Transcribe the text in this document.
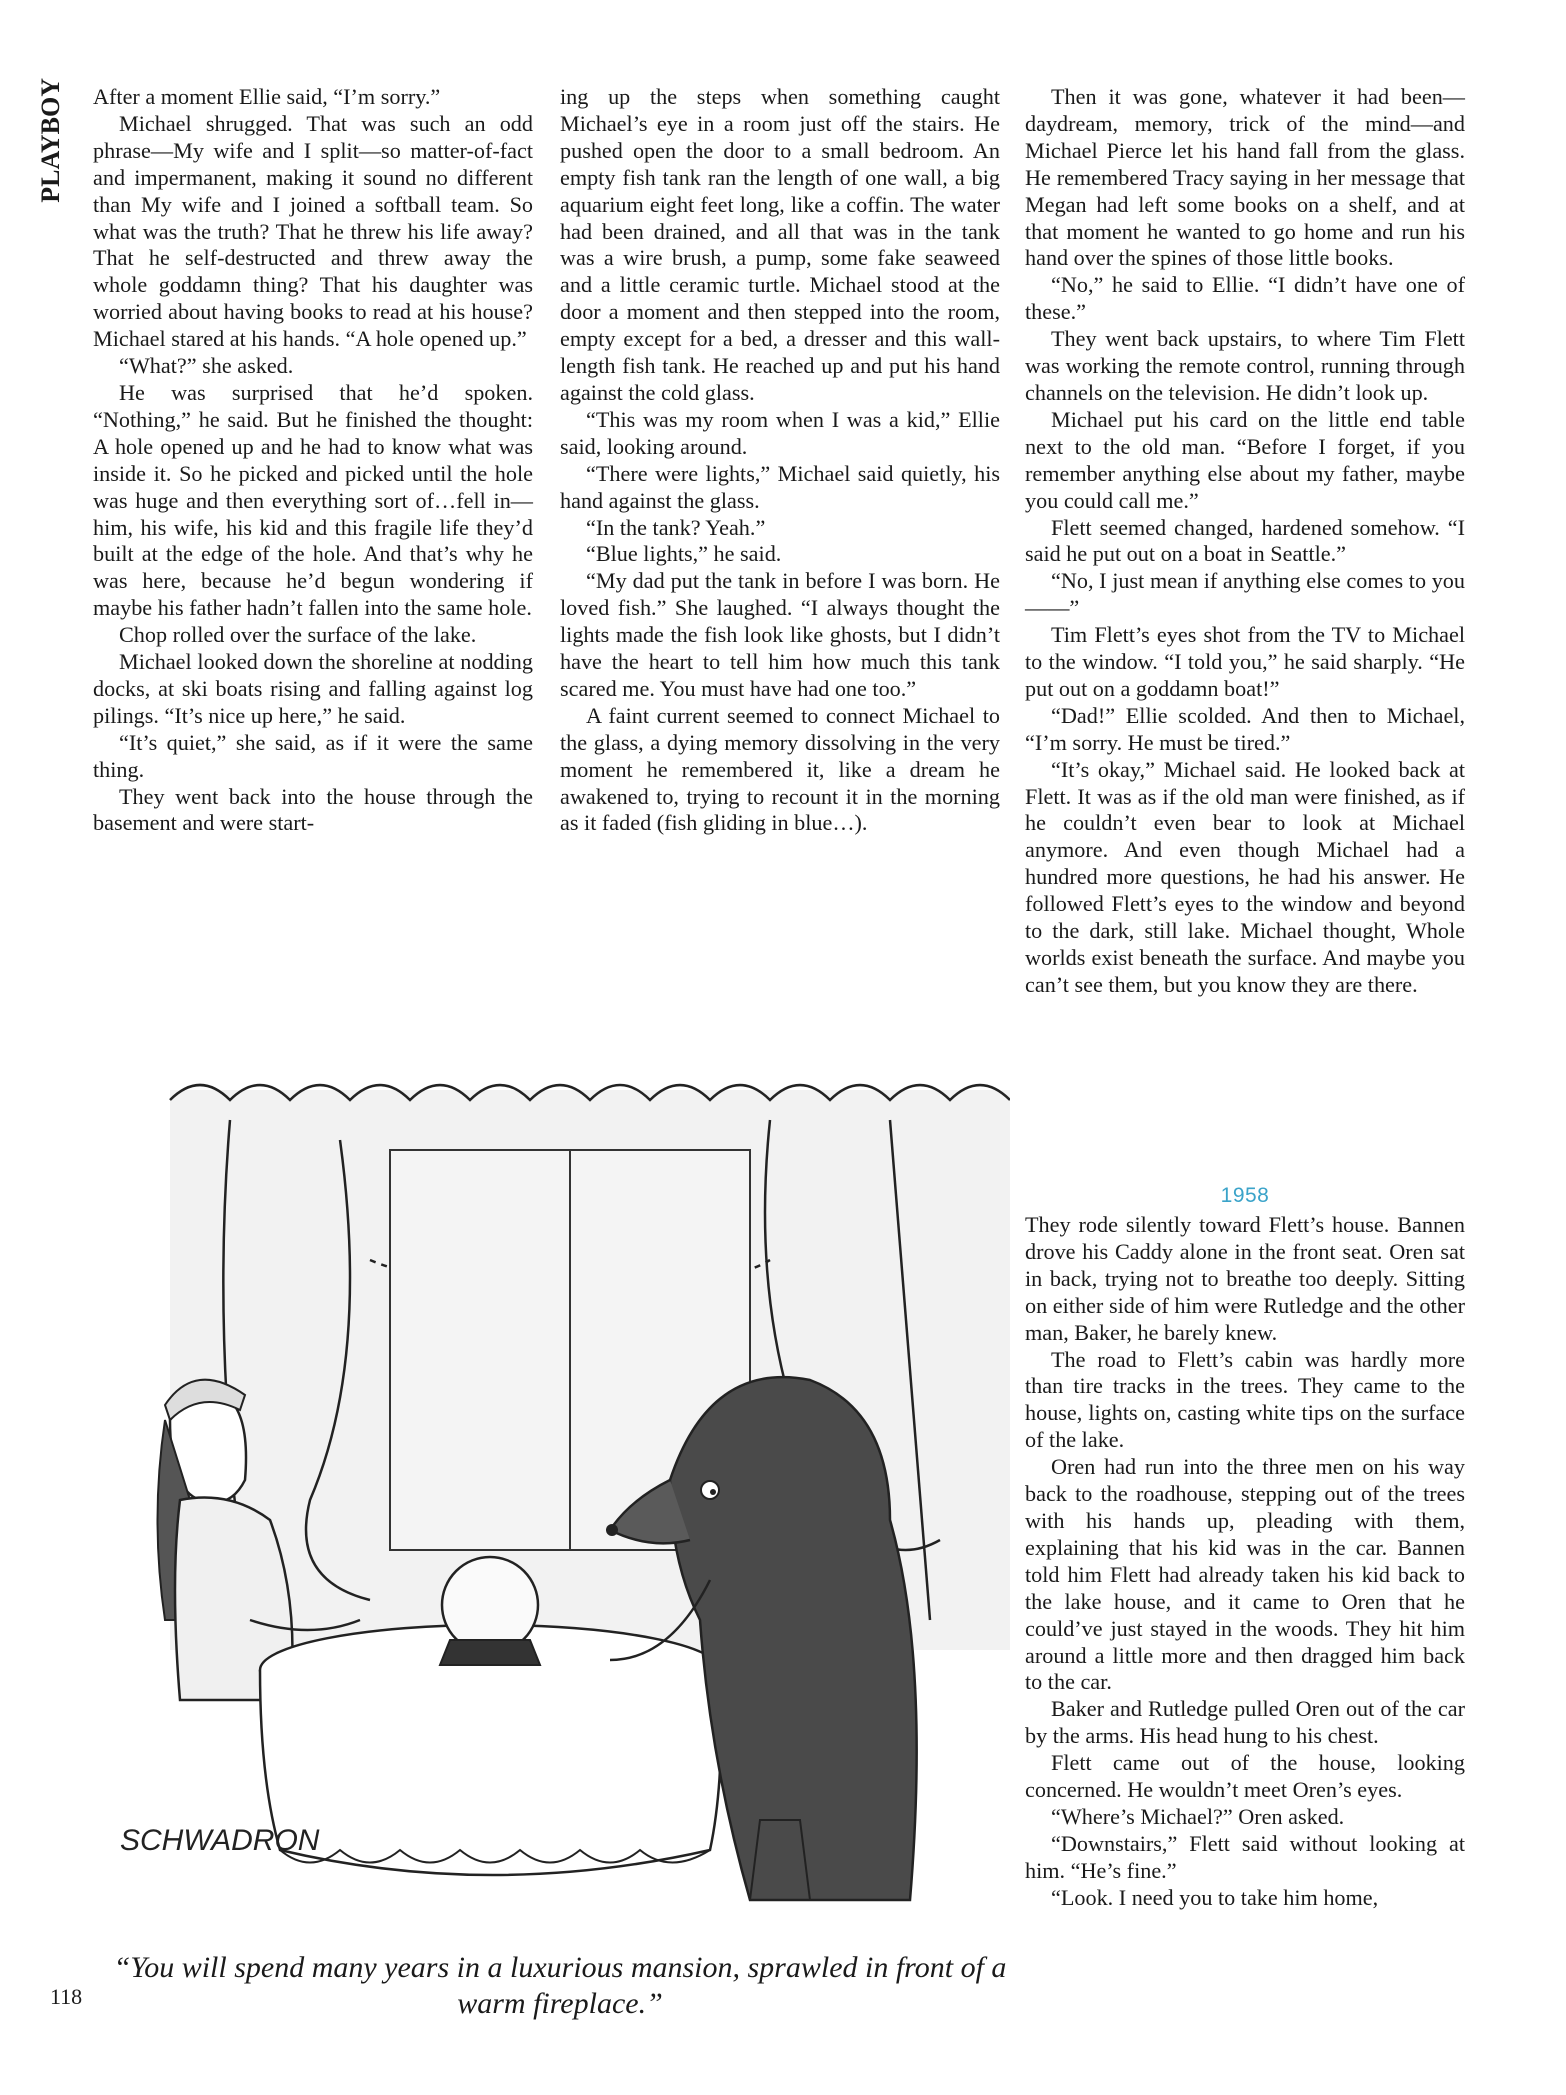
PLAYBOY	After a moment Ellie said, “I’m sorry.”

Michael shrugged. That was such an odd phrase—My wife and I split—so matter-of-fact and impermanent, making it sound no different than My wife and I joined a softball team. So what was the truth? That he threw his life away? That he self-destructed and threw away the whole goddamn thing? That his daughter was worried about having books to read at his house? Michael stared at his hands. “A hole opened up.”

“What?” she asked.

He was surprised that he’d spoken. “Nothing,” he said. But he finished the thought: A hole opened up and he had to know what was inside it. So he picked and picked until the hole was huge and then everything sort of…fell in—him, his wife, his kid and this fragile life they’d built at the edge of the hole. And that’s why he was here, because he’d begun wondering if maybe his father hadn’t fallen into the same hole.

Chop rolled over the surface of the lake.

Michael looked down the shoreline at nodding docks, at ski boats rising and falling against log pilings. “It’s nice up here,” he said.

“It’s quiet,” she said, as if it were the same thing.

They went back into the house through the basement and were start-

ing up the steps when something caught Michael’s eye in a room just off the stairs. He pushed open the door to a small bedroom. An empty fish tank ran the length of one wall, a big aquarium eight feet long, like a coffin. The water had been drained, and all that was in the tank was a wire brush, a pump, some fake seaweed and a little ceramic turtle. Michael stood at the door a moment and then stepped into the room, empty except for a bed, a dresser and this wall-length fish tank. He reached up and put his hand against the cold glass.

“This was my room when I was a kid,” Ellie said, looking around.

“There were lights,” Michael said quietly, his hand against the glass.

“In the tank? Yeah.”

“Blue lights,” he said.

“My dad put the tank in before I was born. He loved fish.” She laughed. “I always thought the lights made the fish look like ghosts, but I didn’t have the heart to tell him how much this tank scared me. You must have had one too.”

A faint current seemed to connect Michael to the glass, a dying memory dissolving in the very moment he remembered it, like a dream he awakened to, trying to recount it in the morning as it faded (fish gliding in blue…).

Then it was gone, whatever it had been—daydream, memory, trick of the mind—and Michael Pierce let his hand fall from the glass. He remembered Tracy saying in her message that Megan had left some books on a shelf, and at that moment he wanted to go home and run his hand over the spines of those little books.

“No,” he said to Ellie. “I didn’t have one of these.”

They went back upstairs, to where Tim Flett was working the remote control, running through channels on the television. He didn’t look up.

Michael put his card on the little end table next to the old man. “Before I forget, if you remember anything else about my father, maybe you could call me.”

Flett seemed changed, hardened somehow. “I said he put out on a boat in Seattle.”

“No, I just mean if anything else comes to you——”

Tim Flett’s eyes shot from the TV to Michael to the window. “I told you,” he said sharply. “He put out on a goddamn boat!”

“Dad!” Ellie scolded. And then to Michael, “I’m sorry. He must be tired.”

“It’s okay,” Michael said. He looked back at Flett. It was as if the old man were finished, as if he couldn’t even bear to look at Michael anymore. And even though Michael had a hundred more questions, he had his answer. He followed Flett’s eyes to the window and beyond to the dark, still lake. Michael thought, Whole worlds exist beneath the surface. And maybe you can’t see them, but you know they are there.

1958

They rode silently toward Flett’s house. Bannen drove his Caddy alone in the front seat. Oren sat in back, trying not to breathe too deeply. Sitting on either side of him were Rutledge and the other man, Baker, he barely knew.

The road to Flett’s cabin was hardly more than tire tracks in the trees. They came to the house, lights on, casting white tips on the surface of the lake.

Oren had run into the three men on his way back to the roadhouse, stepping out of the trees with his hands up, pleading with them, explaining that his kid was in the car. Bannen told him Flett had already taken his kid back to the lake house, and it came to Oren that he could’ve just stayed in the woods. They hit him around a little more and then dragged him back to the car.

Baker and Rutledge pulled Oren out of the car by the arms. His head hung to his chest.

Flett came out of the house, looking concerned. He wouldn’t meet Oren’s eyes.

“Where’s Michael?” Oren asked.

“Downstairs,” Flett said without looking at him. “He’s fine.”

“Look. I need you to take him home,

SCHWADRON
“You will spend many years in a luxurious mansion, sprawled in front of a warm fireplace.”
118
